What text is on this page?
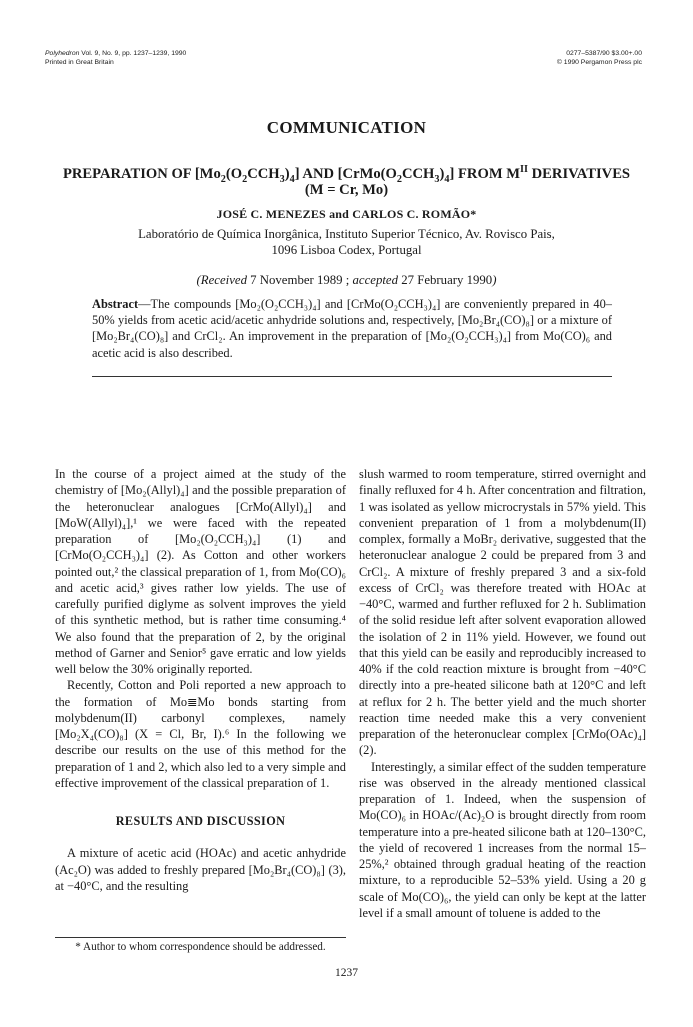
Polyhedron Vol. 9, No. 9, pp. 1237–1239, 1990
Printed in Great Britain
0277–5387/90 $3.00+.00
© 1990 Pergamon Press plc
COMMUNICATION
PREPARATION OF $[Mo_2(O_2CCH_3)_4]$ AND $[CrMo(O_2CCH_3)_4]$ FROM $M^{II}$ DERIVATIVES (M = Cr, Mo)
JOSÉ C. MENEZES and CARLOS C. ROMÃO*
Laboratório de Química Inorgânica, Instituto Superior Técnico, Av. Rovisco Pais,
1096 Lisboa Codex, Portugal
(Received 7 November 1989 ; accepted 27 February 1990)
Abstract—The compounds [Mo₂(O₂CCH₃)₄] and [CrMo(O₂CCH₃)₄] are conveniently prepared in 40–50% yields from acetic acid/acetic anhydride solutions and, respectively, [Mo₂Br₄(CO)₈] or a mixture of [Mo₂Br₄(CO)₈] and CrCl₂. An improvement in the preparation of [Mo₂(O₂CCH₃)₄] from Mo(CO)₆ and acetic acid is also described.

In the course of a project aimed at the study of the chemistry of [Mo₂(Allyl)₄] and the possible preparation of the heteronuclear analogues [CrMo(Allyl)₄] and [MoW(Allyl)₄],¹ we were faced with the repeated preparation of [Mo₂(O₂CCH₃)₄] (1) and [CrMo(O₂CCH₃)₄] (2). As Cotton and other workers pointed out,² the classical preparation of 1, from Mo(CO)₆ and acetic acid,³ gives rather low yields. The use of carefully purified diglyme as solvent improves the yield of this synthetic method, but is rather time consuming.⁴ We also found that the preparation of 2, by the original method of Garner and Senior⁵ gave erratic and low yields well below the 30% originally reported.

Recently, Cotton and Poli reported a new approach to the formation of Mo≣Mo bonds starting from molybdenum(II) carbonyl complexes, namely [Mo₂X₄(CO)₈] (X = Cl, Br, I).⁶ In the following we describe our results on the use of this method for the preparation of 1 and 2, which also led to a very simple and effective improvement of the classical preparation of 1.

RESULTS AND DISCUSSION

A mixture of acetic acid (HOAc) and acetic anhydride (Ac₂O) was added to freshly prepared [Mo₂Br₄(CO)₈] (3), at −40°C, and the resulting

slush warmed to room temperature, stirred overnight and finally refluxed for 4 h. After concentration and filtration, 1 was isolated as yellow microcrystals in 57% yield. This convenient preparation of 1 from a molybdenum(II) complex, formally a MoBr₂ derivative, suggested that the heteronuclear analogue 2 could be prepared from 3 and CrCl₂. A mixture of freshly prepared 3 and a six-fold excess of CrCl₂ was therefore treated with HOAc at −40°C, warmed and further refluxed for 2 h. Sublimation of the solid residue left after solvent evaporation allowed the isolation of 2 in 11% yield. However, we found out that this yield can be easily and reproducibly increased to 40% if the cold reaction mixture is brought from −40°C directly into a pre-heated silicone bath at 120°C and left at reflux for 2 h. The better yield and the much shorter reaction time needed make this a very convenient preparation of the heteronuclear complex [CrMo(OAc)₄] (2).

Interestingly, a similar effect of the sudden temperature rise was observed in the already mentioned classical preparation of 1. Indeed, when the suspension of Mo(CO)₆ in HOAc/(Ac)₂O is brought directly from room temperature into a pre-heated silicone bath at 120–130°C, the yield of recovered 1 increases from the normal 15–25%,² obtained through gradual heating of the reaction mixture, to a reproducible 52–53% yield. Using a 20 g scale of Mo(CO)₆, the yield can only be kept at the latter level if a small amount of toluene is added to the

* Author to whom correspondence should be addressed.
1237
